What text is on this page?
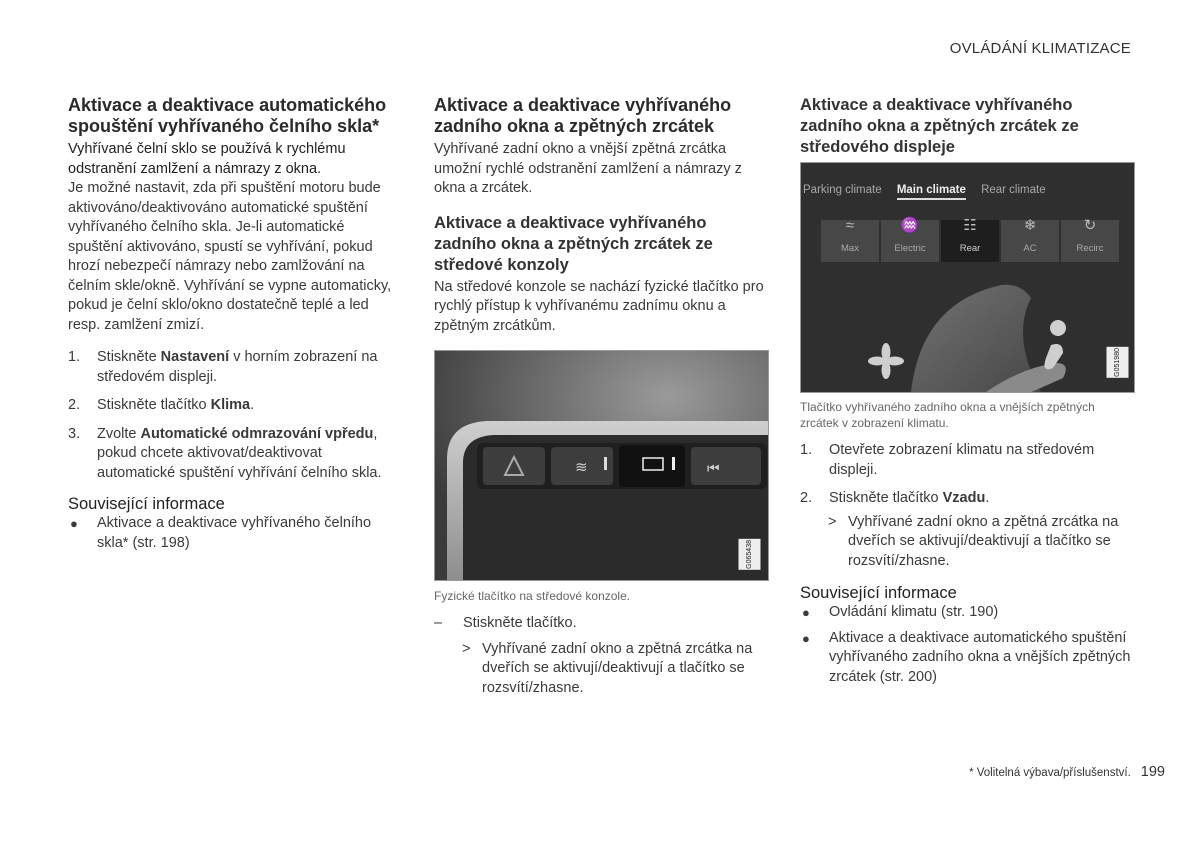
OVLÁDÁNÍ KLIMATIZACE
Aktivace a deaktivace automatického spouštění vyhřívaného čelního skla*

Vyhřívané čelní sklo se používá k rychlému odstranění zamlžení a námrazy z okna.

Je možné nastavit, zda při spuštění motoru bude aktivováno/deaktivováno automatické spuštění vyhřívaného čelního skla. Je-li automatické spuštění aktivováno, spustí se vyhřívání, pokud hrozí nebezpečí námrazy nebo zamlžování na čelním skle/okně. Vyhřívání se vypne automaticky, pokud je čelní sklo/okno dostatečně teplé a led resp. zamlžení zmizí.

1. Stiskněte Nastavení v horním zobrazení na středovém displeji.
2. Stiskněte tlačítko Klima.
3. Zvolte Automatické odmrazování vpředu, pokud chcete aktivovat/deaktivovat automatické spuštění vyhřívání čelního skla.
Související informace
● Aktivace a deaktivace vyhřívaného čelního skla* (str. 198)
Aktivace a deaktivace vyhřívaného zadního okna a zpětných zrcátek

Vyhřívané zadní okno a vnější zpětná zrcátka umožní rychlé odstranění zamlžení a námrazy z okna a zrcátek.

Aktivace a deaktivace vyhřívaného zadního okna a zpětných zrcátek ze středové konzoly

Na středové konzole se nachází fyzické tlačítko pro rychlý přístup k vyhřívanému zadnímu oknu a zpětným zrcátkům.

≋	⏮
G065438

Fyzické tlačítko na středové konzole.

– Stiskněte tlačítko.
> Vyhřívané zadní okno a zpětná zrcátka na dveřích se aktivují/deaktivují a tlačítko se rozsvítí/zhasne.
Aktivace a deaktivace vyhřívaného zadního okna a zpětných zrcátek ze středového displeje
Parking climate Main climate Rear climate
≈
Max
♒
Electric
☷
Rear
❄
AC
↻
Recirc
G051980

Tlačítko vyhřívaného zadního okna a vnějších zpětných zrcátek v zobrazení klimatu.

1. Otevřete zobrazení klimatu na středovém displeji.
2. Stiskněte tlačítko Vzadu.
> Vyhřívané zadní okno a zpětná zrcátka na dveřích se aktivují/deaktivují a tlačítko se rozsvítí/zhasne.
Související informace
● Ovládání klimatu (str. 190)
● Aktivace a deaktivace automatického spuštění vyhřívaného zadního okna a vnějších zpětných zrcátek (str. 200)
* Volitelná výbava/příslušenství. 199
